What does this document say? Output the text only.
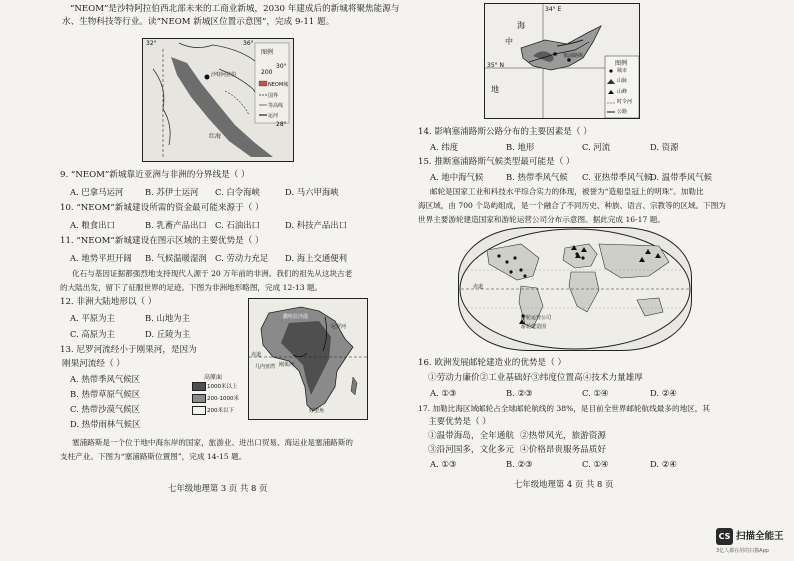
“NEOM”是沙特阿拉伯西北部未来的工商业新城，2030 年建成后的新城将聚焦能源与
水、生物科技等行业。读“NEOM 新城区位置示意图”，完成 9-11 题。
32°	36°
30°
28°
红海
沙特阿拉伯	200
图例
NEOM城
国界
等高线
运河
9. “NEOM”新城靠近亚洲与非洲的分界线是（ ）
A. 巴拿马运河	B. 苏伊士运河 C. 白令海峡	D. 马六甲海峡
10. “NEOM”新城建设所需的资金最可能来源于（ ）
A. 粮食出口	B. 乳畜产品出口 C. 石油出口	D. 科技产品出口
11. “NEOM”新城建设在图示区域的主要优势是（ ）
A. 地势平坦开阔 B. 气候温暖湿润 C. 劳动力充足 D. 海上交通便利
化石与基因证据都强烈地支持现代人源于 20 万年前的非洲。我们的祖先从这块古老
的大陆出发，留下了征服世界的足迹。下图为非洲地形略图，完成 12-13 题。
12. 非洲大陆地形以（ ）
A. 平原为主	B. 山地为主
C. 高原为主	D. 丘陵为主
13. 尼罗河流经小于刚果河，是因为
刚果河流经（ ）
A. 热带季风气候区
B. 热带草原气候区
C. 热带沙漠气候区
D. 热带雨林气候区
赤道
刚果河
尼罗河
撒哈拉沙漠
几内亚湾
好望角
高原面
1000米以上
200-1000米
200米以下
塞浦路斯是一个位于地中海东岸的国家，旅游业、进出口贸易、海运业是塞浦路斯的
支柱产业。下图为“塞浦路斯位置图”，完成 14-15 题。
七年级地理第 3 页 共 8 页
34° E
35° N
海
中
地
塞浦路斯
图例
城市
山脉
山峰
时令河
公路
14. 影响塞浦路斯公路分布的主要因素是（ ）
A. 纬度	B. 地形	C. 河流	D. 资源
15. 推断塞浦路斯气候类型最可能是（ ）
A. 地中海气候	B. 热带季风气候 C. 亚热带季风气候
D. 温带季风气候
邮轮是国家工业和科技水平综合实力的体现，被誉为“造船皇冠上的明珠”。加勒比
海区域，由 700 个岛屿组成，是一个融合了不同历史、种族、语言、宗教等的区域。下图为
世界主要游轮建造国家和游轮运营公司分布示意图。据此完成 16-17 题。
赤道
游轮运营公司
游轮建造国
16. 欧洲发展邮轮建造业的优势是（ ）
①劳动力廉价②工业基础好③纬度位置高④技术力量雄厚
A. ①③	B. ②③	C. ①④	D. ②④
17. 加勒比海区域邮轮占全球邮轮航线的 38%，是目前全世界邮轮航线最多的地区，其
主要优势是（ ）
①温带海岛，全年通航 ②热带风光，旅游资源
③沿河国多，文化多元 ④价格昂贵服务品质好
A. ①③	B. ②③	C. ①④	D. ②④
七年级地理第 4 页 共 8 页
CS 扫描全能王
3亿人都在用的扫描App
